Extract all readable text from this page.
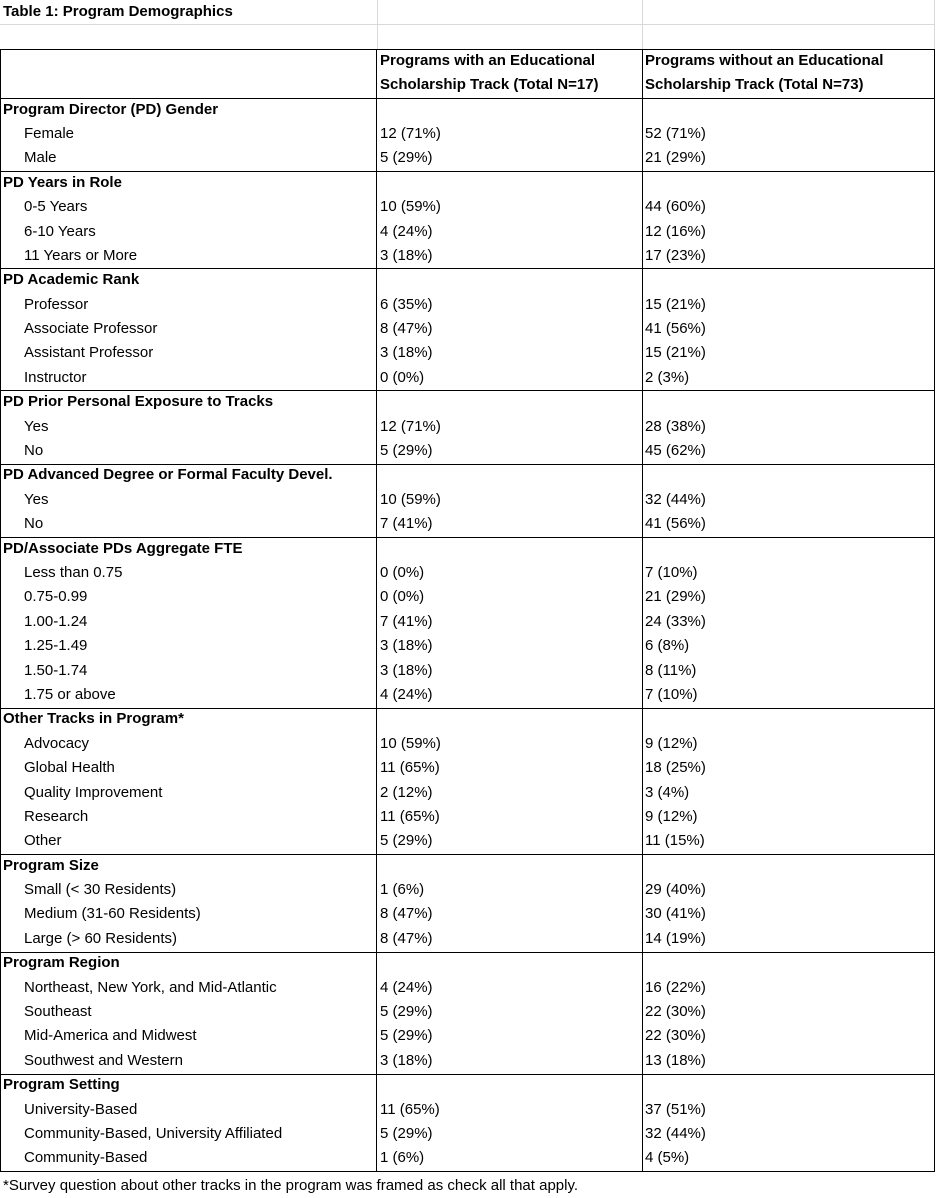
Table 1: Program Demographics
Programs with an Educational	Programs without an Educational
Scholarship Track (Total N=17)	Scholarship Track (Total N=73)
Program Director (PD) Gender
Female	12 (71%)	52 (71%)
Male	5 (29%)	21 (29%)
PD Years in Role
0-5 Years	10 (59%)	44 (60%)
6-10 Years	4 (24%)	12 (16%)
11 Years or More	3 (18%)	17 (23%)
PD Academic Rank
Professor	6 (35%)	15 (21%)
Associate Professor	8 (47%)	41 (56%)
Assistant Professor	3 (18%)	15 (21%)
Instructor	0 (0%)	2 (3%)
PD Prior Personal Exposure to Tracks
Yes	12 (71%)	28 (38%)
No	5 (29%)	45 (62%)
PD Advanced Degree or Formal Faculty Devel.
Yes	10 (59%)	32 (44%)
No	7 (41%)	41 (56%)
PD/Associate PDs Aggregate FTE
Less than 0.75	0 (0%)	7 (10%)
0.75-0.99	0 (0%)	21 (29%)
1.00-1.24	7 (41%)	24 (33%)
1.25-1.49	3 (18%)	6 (8%)
1.50-1.74	3 (18%)	8 (11%)
1.75 or above	4 (24%)	7 (10%)
Other Tracks in Program*
Advocacy	10 (59%)	9 (12%)
Global Health	11 (65%)	18 (25%)
Quality Improvement	2 (12%)	3 (4%)
Research	11 (65%)	9 (12%)
Other	5 (29%)	11 (15%)
Program Size
Small (< 30 Residents)	1 (6%)	29 (40%)
Medium (31-60 Residents)	8 (47%)	30 (41%)
Large (> 60 Residents)	8 (47%)	14 (19%)
Program Region
Northeast, New York, and Mid-Atlantic	4 (24%)	16 (22%)
Southeast	5 (29%)	22 (30%)
Mid-America and Midwest	5 (29%)	22 (30%)
Southwest and Western	3 (18%)	13 (18%)
Program Setting
University-Based	11 (65%)	37 (51%)
Community-Based, University Affiliated	5 (29%)	32 (44%)
Community-Based	1 (6%)	4 (5%)
*Survey question about other tracks in the program was framed as check all that apply.
